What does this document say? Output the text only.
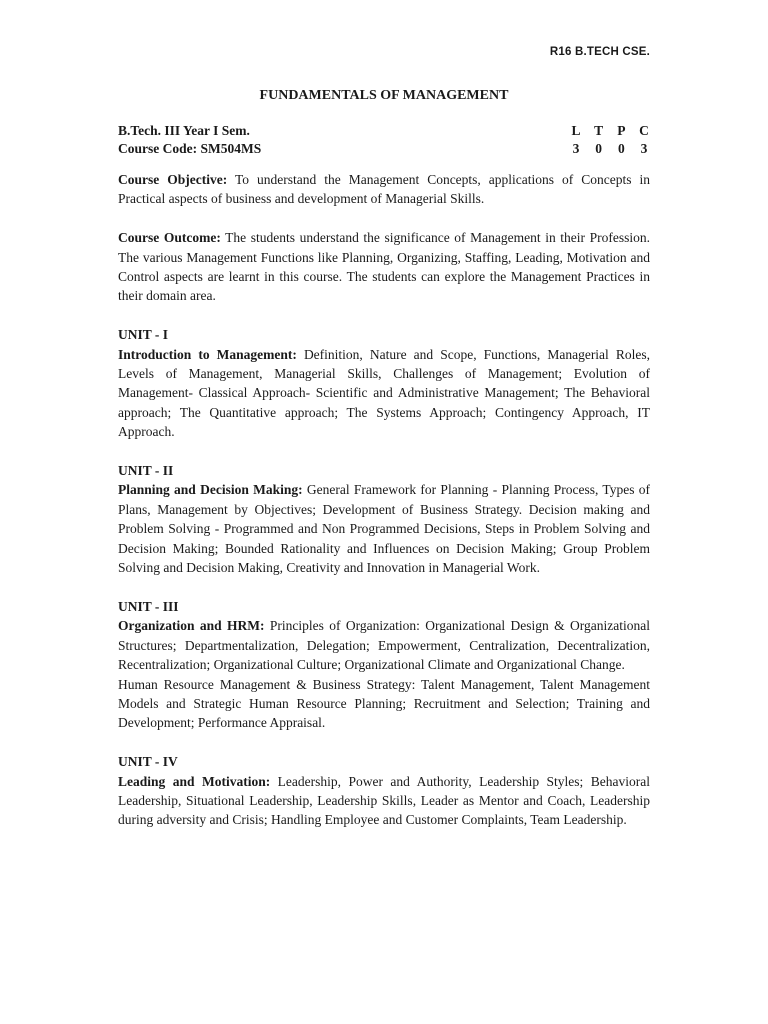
R16 B.TECH CSE.
FUNDAMENTALS OF MANAGEMENT
B.Tech. III Year I Sem.	L T P C
Course Code: SM504MS	3 0 0 3

Course Objective: To understand the Management Concepts, applications of Concepts in Practical aspects of business and development of Managerial Skills.

Course Outcome: The students understand the significance of Management in their Profession. The various Management Functions like Planning, Organizing, Staffing, Leading, Motivation and Control aspects are learnt in this course. The students can explore the Management Practices in their domain area.

UNIT - I

Introduction to Management: Definition, Nature and Scope, Functions, Managerial Roles, Levels of Management, Managerial Skills, Challenges of Management; Evolution of Management- Classical Approach- Scientific and Administrative Management; The Behavioral approach; The Quantitative approach; The Systems Approach; Contingency Approach, IT Approach.

UNIT - II

Planning and Decision Making: General Framework for Planning - Planning Process, Types of Plans, Management by Objectives; Development of Business Strategy. Decision making and Problem Solving - Programmed and Non Programmed Decisions, Steps in Problem Solving and Decision Making; Bounded Rationality and Influences on Decision Making; Group Problem Solving and Decision Making, Creativity and Innovation in Managerial Work.

UNIT - III

Organization and HRM: Principles of Organization: Organizational Design & Organizational Structures; Departmentalization, Delegation; Empowerment, Centralization, Decentralization, Recentralization; Organizational Culture; Organizational Climate and Organizational Change.

Human Resource Management & Business Strategy: Talent Management, Talent Management Models and Strategic Human Resource Planning; Recruitment and Selection; Training and Development; Performance Appraisal.

UNIT - IV

Leading and Motivation: Leadership, Power and Authority, Leadership Styles; Behavioral Leadership, Situational Leadership, Leadership Skills, Leader as Mentor and Coach, Leadership during adversity and Crisis; Handling Employee and Customer Complaints, Team Leadership.
